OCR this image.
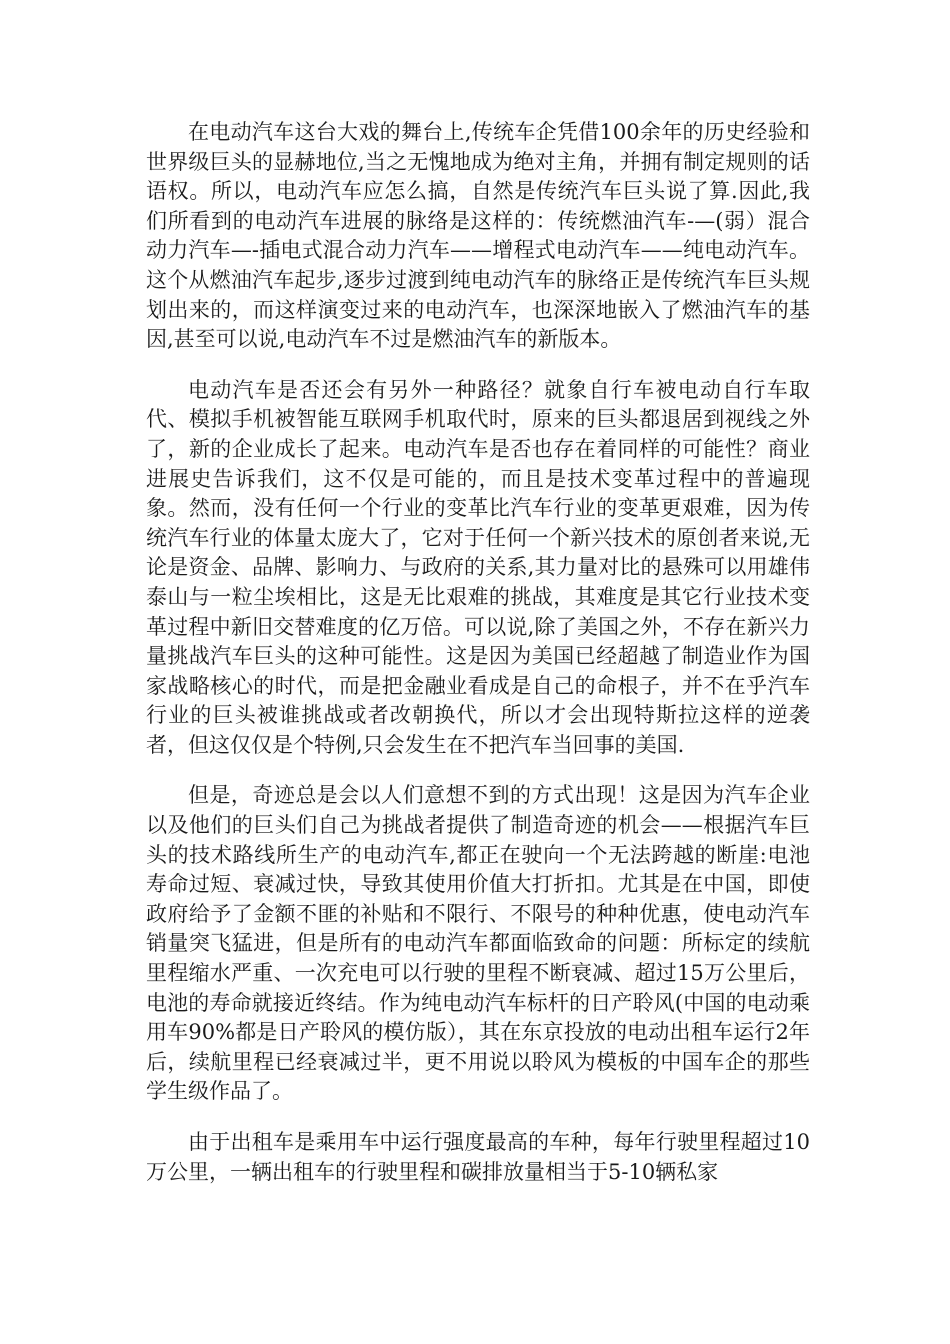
在电动汽车这台大戏的舞台上,传统车企凭借100余年的历史经验和世界级巨头的显赫地位,当之无愧地成为绝对主角，并拥有制定规则的话语权。所以，电动汽车应怎么搞，自然是传统汽车巨头说了算.因此,我们所看到的电动汽车进展的脉络是这样的：传统燃油汽车-—(弱）混合动力汽车—-插电式混合动力汽车——增程式电动汽车——纯电动汽车。这个从燃油汽车起步,逐步过渡到纯电动汽车的脉络正是传统汽车巨头规划出来的，而这样演变过来的电动汽车，也深深地嵌入了燃油汽车的基因,甚至可以说,电动汽车不过是燃油汽车的新版本。

电动汽车是否还会有另外一种路径？就象自行车被电动自行车取代、模拟手机被智能互联网手机取代时，原来的巨头都退居到视线之外了，新的企业成长了起来。电动汽车是否也存在着同样的可能性？商业进展史告诉我们，这不仅是可能的，而且是技术变革过程中的普遍现象。然而，没有任何一个行业的变革比汽车行业的变革更艰难，因为传统汽车行业的体量太庞大了，它对于任何一个新兴技术的原创者来说,无论是资金、品牌、影响力、与政府的关系,其力量对比的悬殊可以用雄伟泰山与一粒尘埃相比，这是无比艰难的挑战，其难度是其它行业技术变革过程中新旧交替难度的亿万倍。可以说,除了美国之外，不存在新兴力量挑战汽车巨头的这种可能性。这是因为美国已经超越了制造业作为国家战略核心的时代，而是把金融业看成是自己的命根子，并不在乎汽车行业的巨头被谁挑战或者改朝换代，所以才会出现特斯拉这样的逆袭者，但这仅仅是个特例,只会发生在不把汽车当回事的美国.

但是，奇迹总是会以人们意想不到的方式出现！这是因为汽车企业以及他们的巨头们自己为挑战者提供了制造奇迹的机会——根据汽车巨头的技术路线所生产的电动汽车,都正在驶向一个无法跨越的断崖:电池寿命过短、衰减过快，导致其使用价值大打折扣。尤其是在中国，即使政府给予了金额不匪的补贴和不限行、不限号的种种优惠，使电动汽车销量突飞猛进，但是所有的电动汽车都面临致命的问题：所标定的续航里程缩水严重、一次充电可以行驶的里程不断衰减、超过15万公里后，电池的寿命就接近终结。作为纯电动汽车标杆的日产聆风(中国的电动乘用车90%都是日产聆风的模仿版），其在东京投放的电动出租车运行2年后，续航里程已经衰减过半，更不用说以聆风为模板的中国车企的那些学生级作品了。

由于出租车是乘用车中运行强度最高的车种，每年行驶里程超过10万公里，一辆出租车的行驶里程和碳排放量相当于5-10辆私家
